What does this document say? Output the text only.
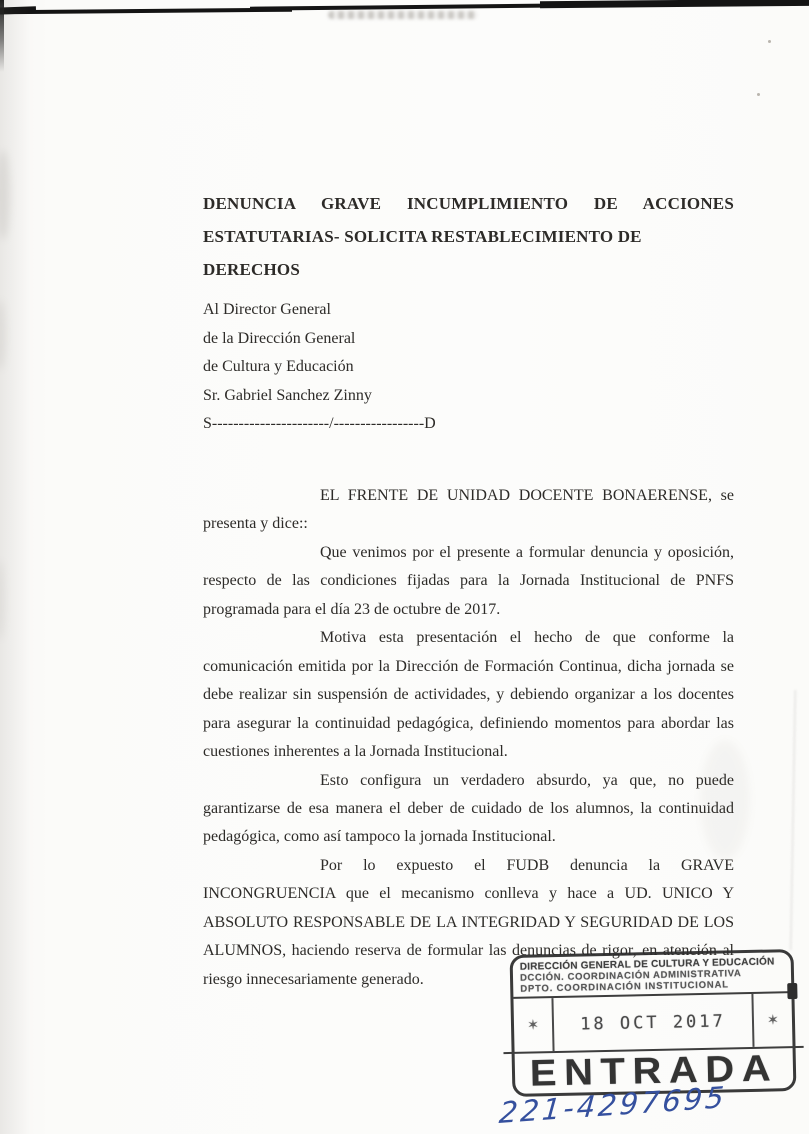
DENUNCIA GRAVE INCUMPLIMIENTO DE ACCIONES
ESTATUTARIAS- SOLICITA RESTABLECIMIENTO DE DERECHOS
Al Director General
de la Dirección General
de Cultura y Educación
Sr. Gabriel Sanchez Zinny
S----------------------/-----------------D
EL FRENTE DE UNIDAD DOCENTE BONAERENSE, se
presenta y dice::
Que venimos por el presente a formular denuncia y oposición,
respecto de las condiciones fijadas para la Jornada Institucional de PNFS
programada para el día 23 de octubre de 2017.
Motiva esta presentación el hecho de que conforme la
comunicación emitida por la Dirección de Formación Continua, dicha jornada se
debe realizar sin suspensión de actividades, y debiendo organizar a los docentes
para asegurar la continuidad pedagógica, definiendo momentos para abordar las
cuestiones inherentes a la Jornada Institucional.
Esto configura un verdadero absurdo, ya que, no puede
garantizarse de esa manera el deber de cuidado de los alumnos, la continuidad
pedagógica, como así tampoco la jornada Institucional.
Por lo expuesto el FUDB denuncia la GRAVE
INCONGRUENCIA que el mecanismo conlleva y hace a UD. UNICO Y
ABSOLUTO RESPONSABLE DE LA INTEGRIDAD Y SEGURIDAD DE LOS
ALUMNOS, haciendo reserva de formular las denuncias de rigor, en atención al
riesgo innecesariamente generado.
DIRECCIÓN GENERAL DE CULTURA Y EDUCACIÓN
DCCIÓN. COORDINACIÓN ADMINISTRATIVA
DPTO. COORDINACIÓN INSTITUCIONAL
✶	18 OCT 2017	✶
ENTRADA
221-4297695
